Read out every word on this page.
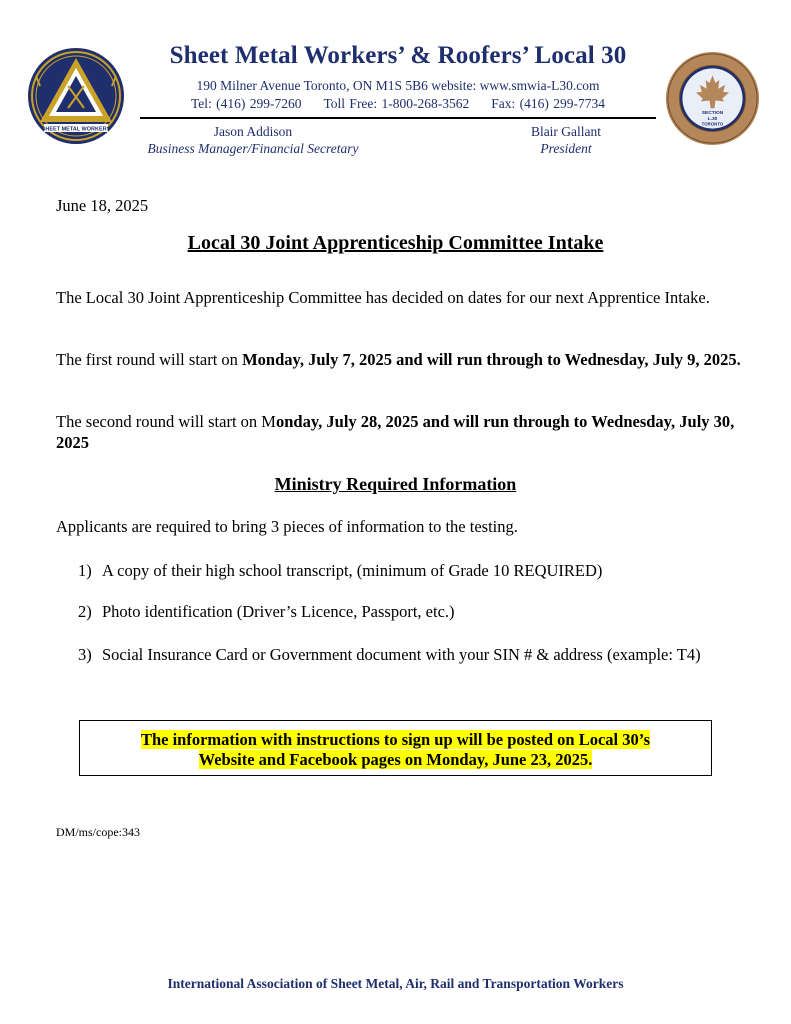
SHEET METAL WORKERS
SECTION
L.30
TORONTO
Sheet Metal Workers’ & Roofers’ Local 30
190 Milner Avenue Toronto, ON M1S 5B6 website: www.smwia-L30.com
Tel: (416) 299-7260 Toll Free: 1-800-268-3562 Fax: (416) 299-7734
Jason Addison
Business Manager/Financial Secretary
Blair Gallant
President
June 18, 2025
Local 30 Joint Apprenticeship Committee Intake
The Local 30 Joint Apprenticeship Committee has decided on dates for our next Apprentice Intake.
The first round will start on Monday, July 7, 2025 and will run through to Wednesday, July 9, 2025.
The second round will start on Monday, July 28, 2025 and will run through to Wednesday, July 30, 2025
Ministry Required Information
Applicants are required to bring 3 pieces of information to the testing.
1) A copy of their high school transcript, (minimum of Grade 10 REQUIRED)
2) Photo identification (Driver’s Licence, Passport, etc.)
3) Social Insurance Card or Government document with your SIN # & address (example: T4)
The information with instructions to sign up will be posted on Local 30’s
Website and Facebook pages on Monday, June 23, 2025.
DM/ms/cope:343
International Association of Sheet Metal, Air, Rail and Transportation Workers
